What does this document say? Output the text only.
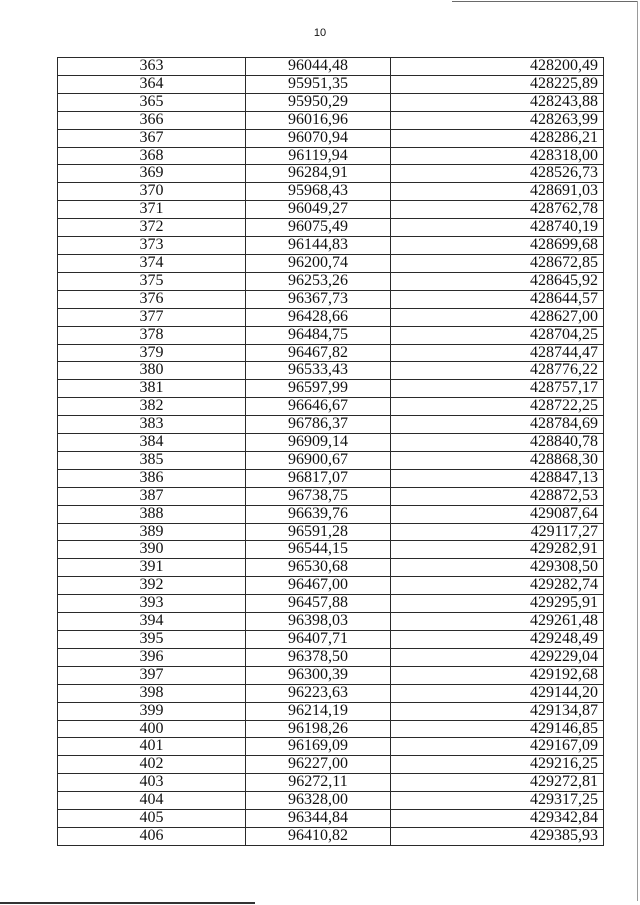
10
363	96044,48	428200,49
364	95951,35	428225,89
365	95950,29	428243,88
366	96016,96	428263,99
367	96070,94	428286,21
368	96119,94	428318,00
369	96284,91	428526,73
370	95968,43	428691,03
371	96049,27	428762,78
372	96075,49	428740,19
373	96144,83	428699,68
374	96200,74	428672,85
375	96253,26	428645,92
376	96367,73	428644,57
377	96428,66	428627,00
378	96484,75	428704,25
379	96467,82	428744,47
380	96533,43	428776,22
381	96597,99	428757,17
382	96646,67	428722,25
383	96786,37	428784,69
384	96909,14	428840,78
385	96900,67	428868,30
386	96817,07	428847,13
387	96738,75	428872,53
388	96639,76	429087,64
389	96591,28	429117,27
390	96544,15	429282,91
391	96530,68	429308,50
392	96467,00	429282,74
393	96457,88	429295,91
394	96398,03	429261,48
395	96407,71	429248,49
396	96378,50	429229,04
397	96300,39	429192,68
398	96223,63	429144,20
399	96214,19	429134,87
400	96198,26	429146,85
401	96169,09	429167,09
402	96227,00	429216,25
403	96272,11	429272,81
404	96328,00	429317,25
405	96344,84	429342,84
406	96410,82	429385,93
